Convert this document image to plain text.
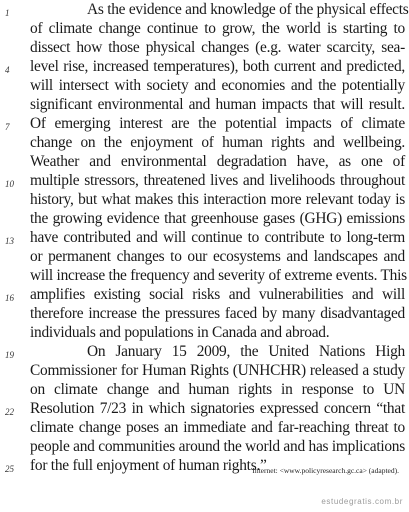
As the evidence and knowledge of the physical effects
of climate change continue to grow, the world is starting to
dissect how those physical changes (e.g. water scarcity, sea-
level rise, increased temperatures), both current and predicted,
will intersect with society and economies and the potentially
significant environmental and human impacts that will result.
Of emerging interest are the potential impacts of climate
change on the enjoyment of human rights and wellbeing.
Weather and environmental degradation have, as one of
multiple stressors, threatened lives and livelihoods throughout
history, but what makes this interaction more relevant today is
the growing evidence that greenhouse gases (GHG) emissions
have contributed and will continue to contribute to long-term
or permanent changes to our ecosystems and landscapes and
will increase the frequency and severity of extreme events. This
amplifies existing social risks and vulnerabilities and will
therefore increase the pressures faced by many disadvantaged
individuals and populations in Canada and abroad.
On January 15 2009, the United Nations High
Commissioner for Human Rights (UNHCHR) released a study
on climate change and human rights in response to UN
Resolution 7/23 in which signatories expressed concern “that
climate change poses an immediate and far-reaching threat to
people and communities around the world and has implications
for the full enjoyment of human rights.”
1
4
7
10
13
16
19
22
25	Internet: <www.policyresearch.gc.ca> (adapted).
estudegratis.com.br
